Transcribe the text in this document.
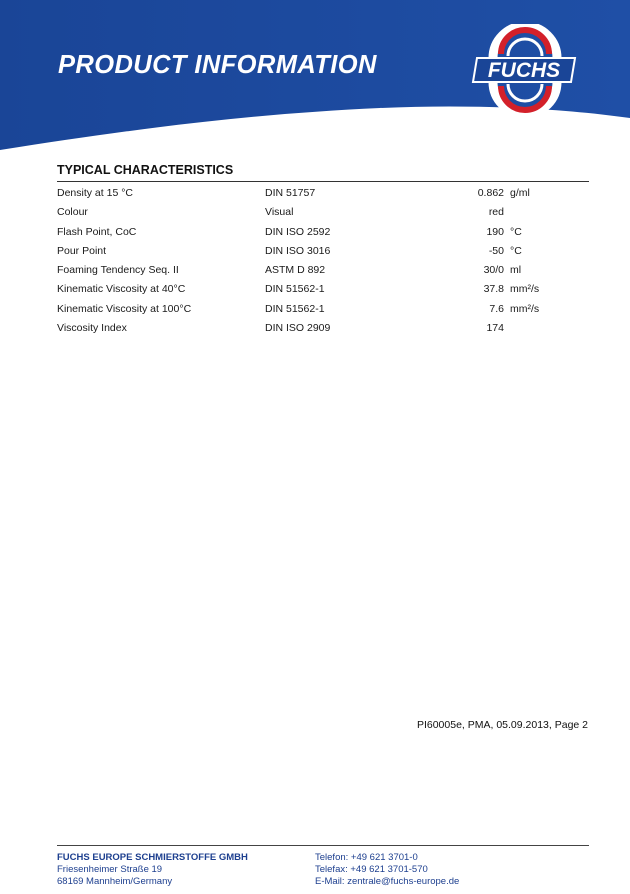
PRODUCT INFORMATION	FUCHS
TYPICAL CHARACTERISTICS
Density at 15 °C	DIN 51757	0.862 g/ml
Colour	Visual	red
Flash Point, CoC	DIN ISO 2592	190 °C
Pour Point	DIN ISO 3016	-50 °C
Foaming Tendency Seq. II	ASTM D 892	30/0 ml
Kinematic Viscosity at 40°C	DIN 51562-1	37.8 mm²/s
Kinematic Viscosity at 100°C	DIN 51562-1	7.6 mm²/s
Viscosity Index	DIN ISO 2909	174
PI60005e, PMA, 05.09.2013, Page 2
FUCHS EUROPE SCHMIERSTOFFE GMBH
Friesenheimer Straße 19
68169 Mannheim/Germany
Telefon: +49 621 3701-0
Telefax: +49 621 3701-570
E-Mail: zentrale@fuchs-europe.de
